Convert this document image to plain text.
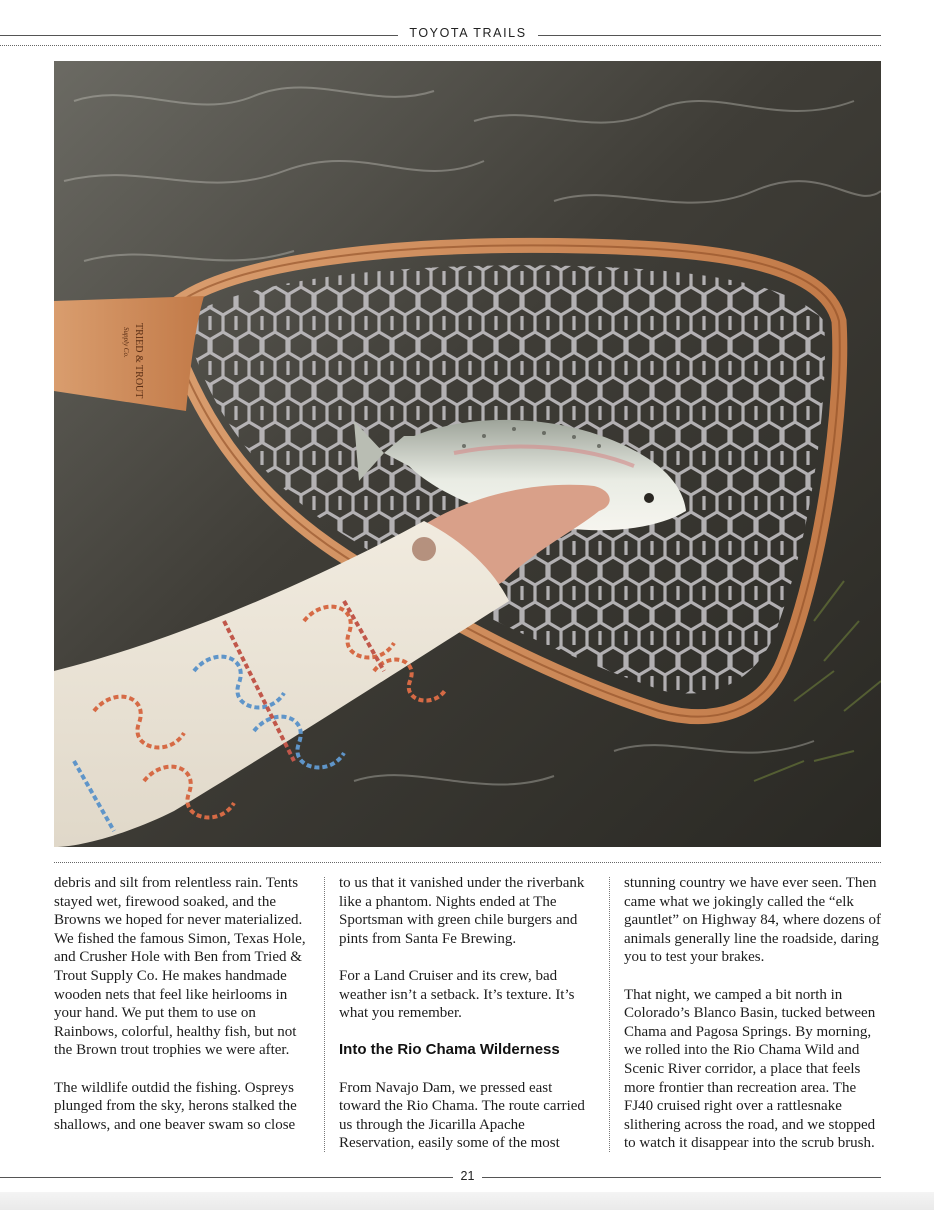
TOYOTA TRAILS
TRIED & TROUT
Supply Co.

debris and silt from relentless rain. Tents stayed wet, firewood soaked, and the Browns we hoped for never materialized. We fished the famous Simon, Texas Hole, and Crusher Hole with Ben from Tried & Trout Supply Co. He makes handmade wooden nets that feel like heirlooms in your hand. We put them to use on Rainbows, colorful, healthy fish, but not the Brown trout trophies we were after.

The wildlife outdid the fishing. Ospreys plunged from the sky, herons stalked the shallows, and one beaver swam so close

to us that it vanished under the riverbank like a phantom. Nights ended at The Sportsman with green chile burgers and pints from Santa Fe Brewing.

For a Land Cruiser and its crew, bad weather isn’t a setback. It’s texture. It’s what you remember.

Into the Rio Chama Wilderness

From Navajo Dam, we pressed east toward the Rio Chama. The route carried us through the Jicarilla Apache Reservation, easily some of the most

stunning country we have ever seen. Then came what we jokingly called the “elk gauntlet” on Highway 84, where dozens of animals generally line the roadside, daring you to test your brakes.

That night, we camped a bit north in Colorado’s Blanco Basin, tucked between Chama and Pagosa Springs. By morning, we rolled into the Rio Chama Wild and Scenic River corridor, a place that feels more frontier than recreation area. The FJ40 cruised right over a rattlesnake slithering across the road, and we stopped to watch it disappear into the scrub brush.

21
